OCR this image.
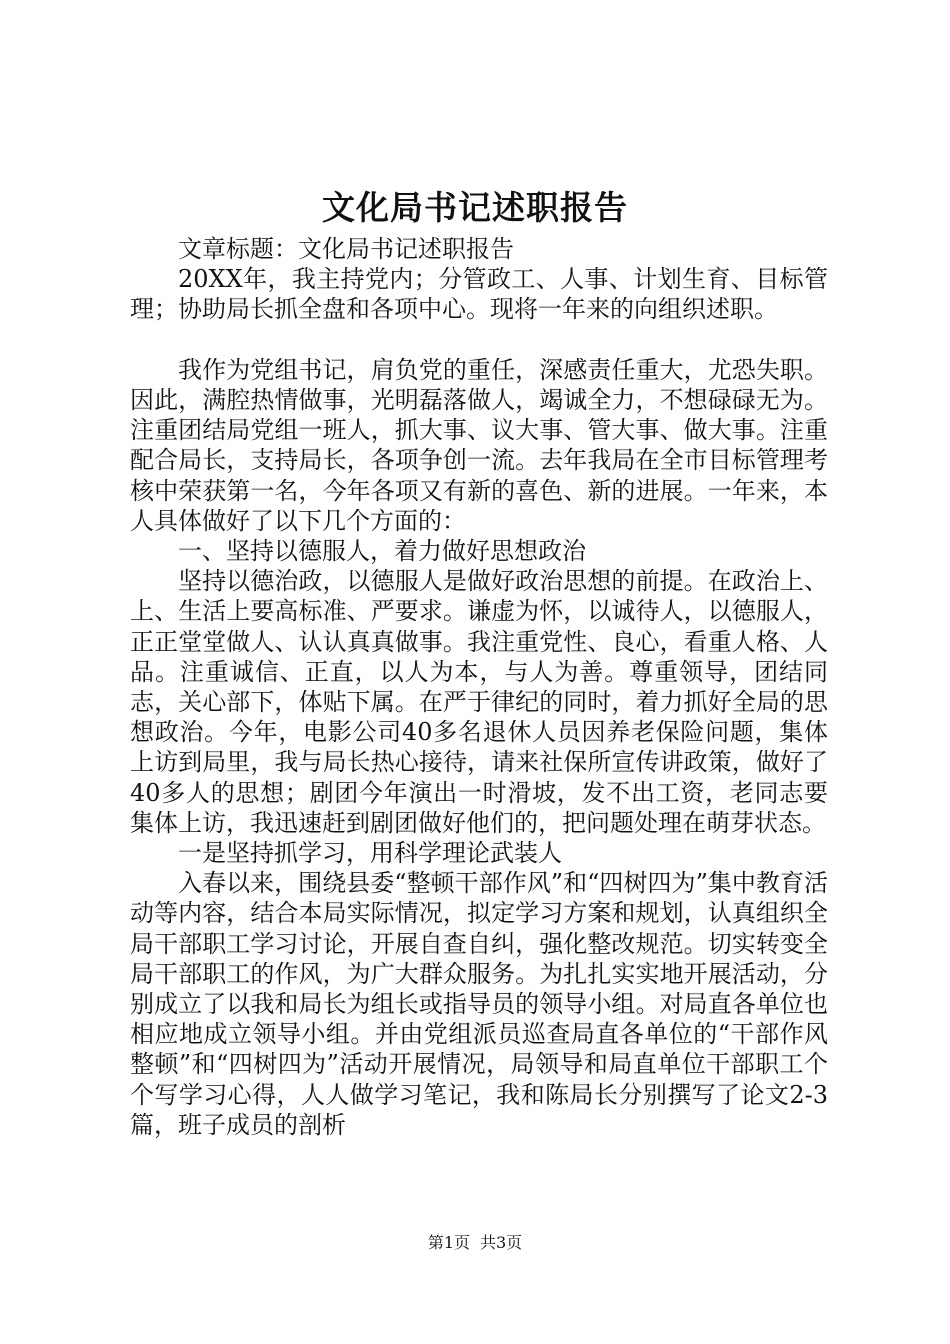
文化局书记述职报告

文章标题：文化局书记述职报告

20XX年，我主持党内；分管政工、人事、计划生育、目标管理；协助局长抓全盘和各项中心。现将一年来的向组织述职。

我作为党组书记，肩负党的重任，深感责任重大，尤恐失职。因此，满腔热情做事，光明磊落做人，竭诚全力，不想碌碌无为。注重团结局党组一班人，抓大事、议大事、管大事、做大事。注重配合局长，支持局长，各项争创一流。去年我局在全市目标管理考核中荣获第一名，今年各项又有新的喜色、新的进展。一年来，本人具体做好了以下几个方面的：

一、坚持以德服人，着力做好思想政治

坚持以德治政，以德服人是做好政治思想的前提。在政治上、上、生活上要高标准、严要求。谦虚为怀，以诚待人，以德服人，正正堂堂做人、认认真真做事。我注重党性、良心，看重人格、人品。注重诚信、正直，以人为本，与人为善。尊重领导，团结同志，关心部下，体贴下属。在严于律纪的同时，着力抓好全局的思想政治。今年，电影公司40多名退休人员因养老保险问题，集体上访到局里，我与局长热心接待，请来社保所宣传讲政策，做好了40多人的思想；剧团今年演出一时滑坡，发不出工资，老同志要集体上访，我迅速赶到剧团做好他们的，把问题处理在萌芽状态。

一是坚持抓学习，用科学理论武装人

入春以来，围绕县委“整顿干部作风”和“四树四为”集中教育活动等内容，结合本局实际情况，拟定学习方案和规划，认真组织全局干部职工学习讨论，开展自查自纠，强化整改规范。切实转变全局干部职工的作风，为广大群众服务。为扎扎实实地开展活动，分别成立了以我和局长为组长或指导员的领导小组。对局直各单位也相应地成立领导小组。并由党组派员巡查局直各单位的“干部作风整顿”和“四树四为”活动开展情况，局领导和局直单位干部职工个个写学习心得，人人做学习笔记，我和陈局长分别撰写了论文2-3篇，班子成员的剖析

第1页 共3页
